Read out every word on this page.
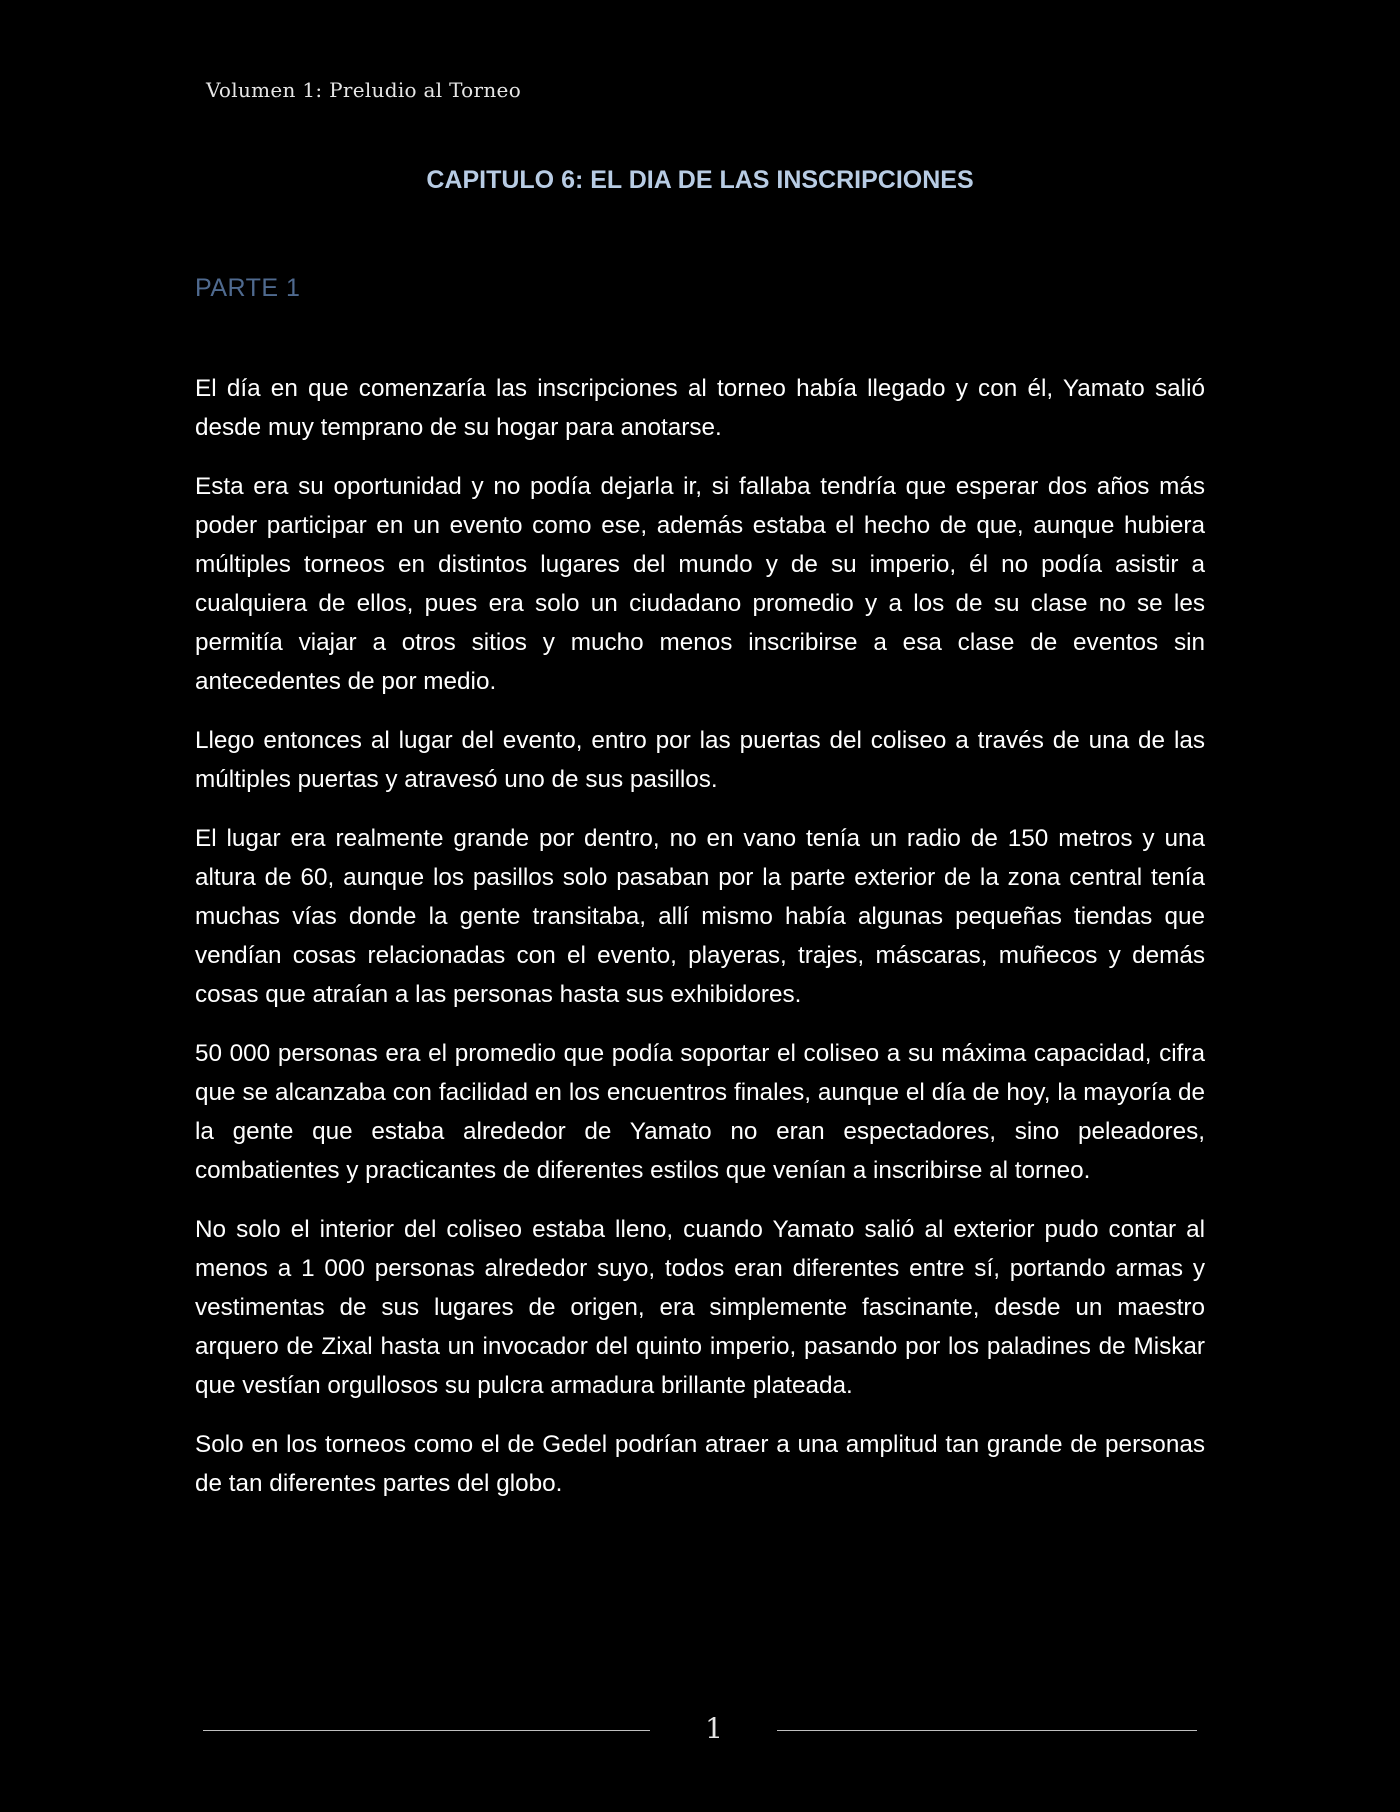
Volumen 1: Preludio al Torneo
CAPITULO 6: EL DIA DE LAS INSCRIPCIONES
PARTE 1

El día en que comenzaría las inscripciones al torneo había llegado y con él, Yamato salió desde muy temprano de su hogar para anotarse.

Esta era su oportunidad y no podía dejarla ir, si fallaba tendría que esperar dos años más poder participar en un evento como ese, además estaba el hecho de que, aunque hubiera múltiples torneos en distintos lugares del mundo y de su imperio, él no podía asistir a cualquiera de ellos, pues era solo un ciudadano promedio y a los de su clase no se les permitía viajar a otros sitios y mucho menos inscribirse a esa clase de eventos sin antecedentes de por medio.

Llego entonces al lugar del evento, entro por las puertas del coliseo a través de una de las múltiples puertas y atravesó uno de sus pasillos.

El lugar era realmente grande por dentro, no en vano tenía un radio de 150 metros y una altura de 60, aunque los pasillos solo pasaban por la parte exterior de la zona central tenía muchas vías donde la gente transitaba, allí mismo había algunas pequeñas tiendas que vendían cosas relacionadas con el evento, playeras, trajes, máscaras, muñecos y demás cosas que atraían a las personas hasta sus exhibidores.

50 000 personas era el promedio que podía soportar el coliseo a su máxima capacidad, cifra que se alcanzaba con facilidad en los encuentros finales, aunque el día de hoy, la mayoría de la gente que estaba alrededor de Yamato no eran espectadores, sino peleadores, combatientes y practicantes de diferentes estilos que venían a inscribirse al torneo.

No solo el interior del coliseo estaba lleno, cuando Yamato salió al exterior pudo contar al menos a 1 000 personas alrededor suyo, todos eran diferentes entre sí, portando armas y vestimentas de sus lugares de origen, era simplemente fascinante, desde un maestro arquero de Zixal hasta un invocador del quinto imperio, pasando por los paladines de Miskar que vestían orgullosos su pulcra armadura brillante plateada.

Solo en los torneos como el de Gedel podrían atraer a una amplitud tan grande de personas de tan diferentes partes del globo.

1
